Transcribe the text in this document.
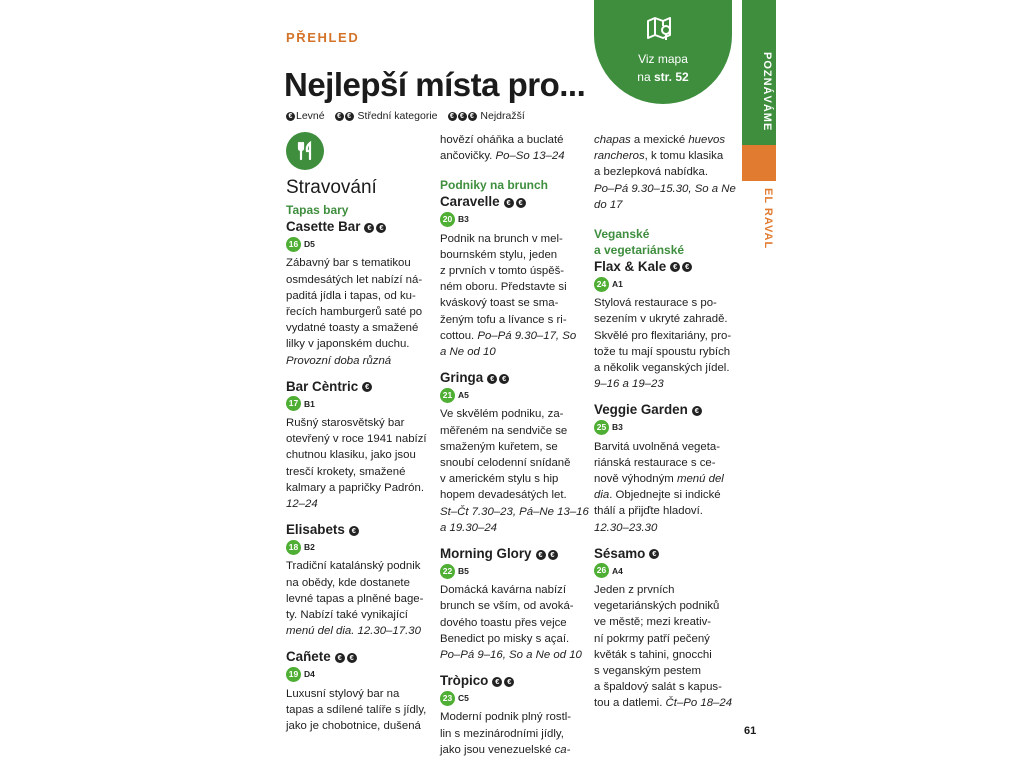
PŘEHLED
Nejlepší místa pro...
€ Levné	€ €
Střední kategorie	€ € €
Nejdražší
Viz mapa
na str. 52	POZNÁVÁME
EL RAVAL
Stravování
Tapas bary
Casette Bar € €
16 D5

Zábavný bar s tematikou

osmdesátých let nabízí ná-

paditá jídla i tapas, od ku-

řecích hamburgerů saté po

vydatné toasty a smažené

lilky v japonském duchu.

Provozní doba různá

Bar Cèntric €
17 B1

Rušný starosvětský bar

otevřený v roce 1941 nabízí

chutnou klasiku, jako jsou

tresčí krokety, smažené

kalmary a papričky Padrón.

12–24

Elisabets €
18 B2

Tradiční katalánský podnik

na obědy, kde dostanete

levné tapas a plněné bage-

ty. Nabízí také vynikající

menú del dia. 12.30–17.30

Cañete € €
19 D4

Luxusní stylový bar na

tapas a sdílené talíře s jídly,

jako je chobotnice, dušená

hovězí oháňka a buclaté

ančovičky. Po–So 13–24

Podniky na brunch
Caravelle € €
20 B3

Podnik na brunch v mel-

bournském stylu, jeden

z prvních v tomto úspěš-

ném oboru. Představte si

kváskový toast se sma-

ženým tofu a lívance s ri-

cottou. Po–Pá 9.30–17, So

a Ne od 10

Gringa € €
21 A5

Ve skvělém podniku, za-

měřeném na sendviče se

smaženým kuřetem, se

snoubí celodenní snídaně

v americkém stylu s hip

hopem devadesátých let.

St–Čt 7.30–23, Pá–Ne 13–16

a 19.30–24

Morning Glory € €
22 B5

Domácká kavárna nabízí

brunch se vším, od avoká-

dového toastu přes vejce

Benedict po misky s açaí.

Po–Pá 9–16, So a Ne od 10

Tròpico € €
23 C5

Moderní podnik plný rostl-

lin s mezinárodními jídly,

jako jsou venezuelské ca-

chapas a mexické huevos

rancheros, k tomu klasika

a bezlepková nabídka.

Po–Pá 9.30–15.30, So a Ne

do 17

Veganské
a vegetariánské
Flax & Kale € €
24 A1

Stylová restaurace s po-

sezením v ukryté zahradě.

Skvělé pro flexitariány, pro-

tože tu mají spoustu rybích

a několik veganských jídel.

9–16 a 19–23

Veggie Garden €
25 B3

Barvitá uvolněná vegeta-

riánská restaurace s ce-

nově výhodným menú del

dia. Objednejte si indické

thálí a přijďte hladoví.

12.30–23.30

Sésamo €
26 A4

Jeden z prvních

vegetariánských podniků

ve městě; mezi kreativ-

ní pokrmy patří pečený

květák s tahini, gnocchi

s veganským pestem

a špaldový salát s kapus-

tou a datlemi. Čt–Po 18–24

61
